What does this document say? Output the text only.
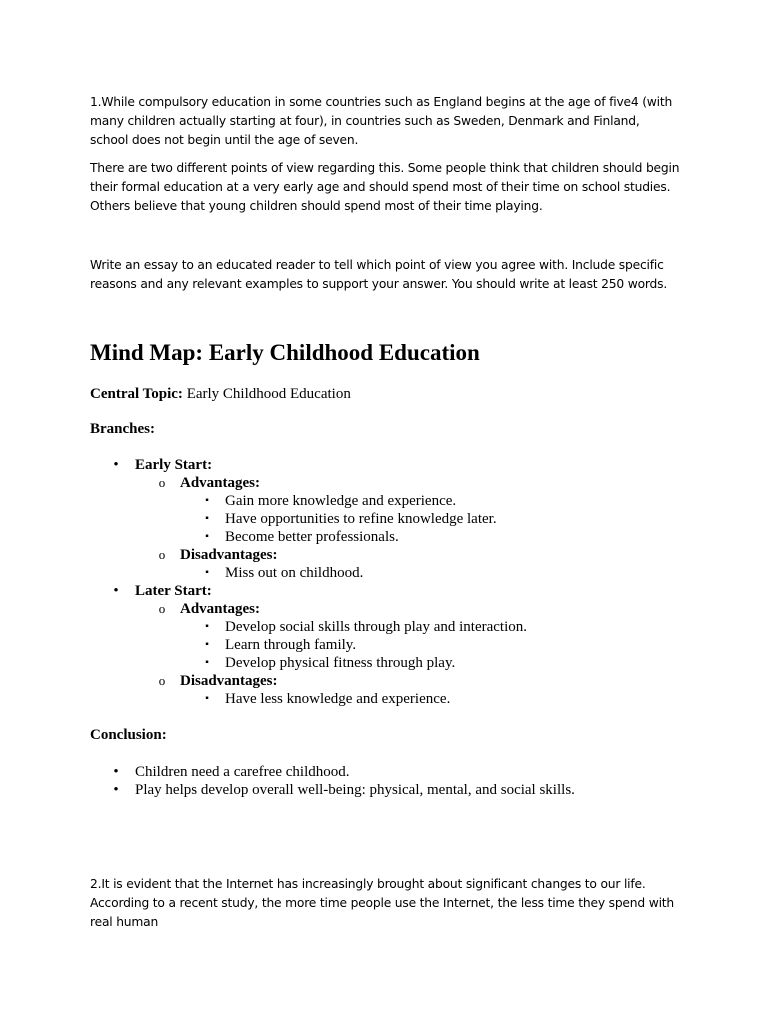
1.While compulsory education in some countries such as England begins at the age of five4 (with many children actually starting at four), in countries such as Sweden, Denmark and Finland, school does not begin until the age of seven.

There are two different points of view regarding this. Some people think that children should begin their formal education at a very early age and should spend most of their time on school studies. Others believe that young children should spend most of their time playing.

Write an essay to an educated reader to tell which point of view you agree with. Include specific reasons and any relevant examples to support your answer. You should write at least 250 words.

Mind Map: Early Childhood Education

Central Topic: Early Childhood Education

Branches:

• Early Start:
o Advantages:
▪ Gain more knowledge and experience.
▪ Have opportunities to refine knowledge later.
▪ Become better professionals.
o Disadvantages:
▪ Miss out on childhood.
• Later Start:
o Advantages:
▪ Develop social skills through play and interaction.
▪ Learn through family.
▪ Develop physical fitness through play.
o Disadvantages:
▪ Have less knowledge and experience.

Conclusion:

• Children need a carefree childhood.
• Play helps develop overall well-being: physical, mental, and social skills.

2.It is evident that the Internet has increasingly brought about significant changes to our life. According to a recent study, the more time people use the Internet, the less time they spend with real human
